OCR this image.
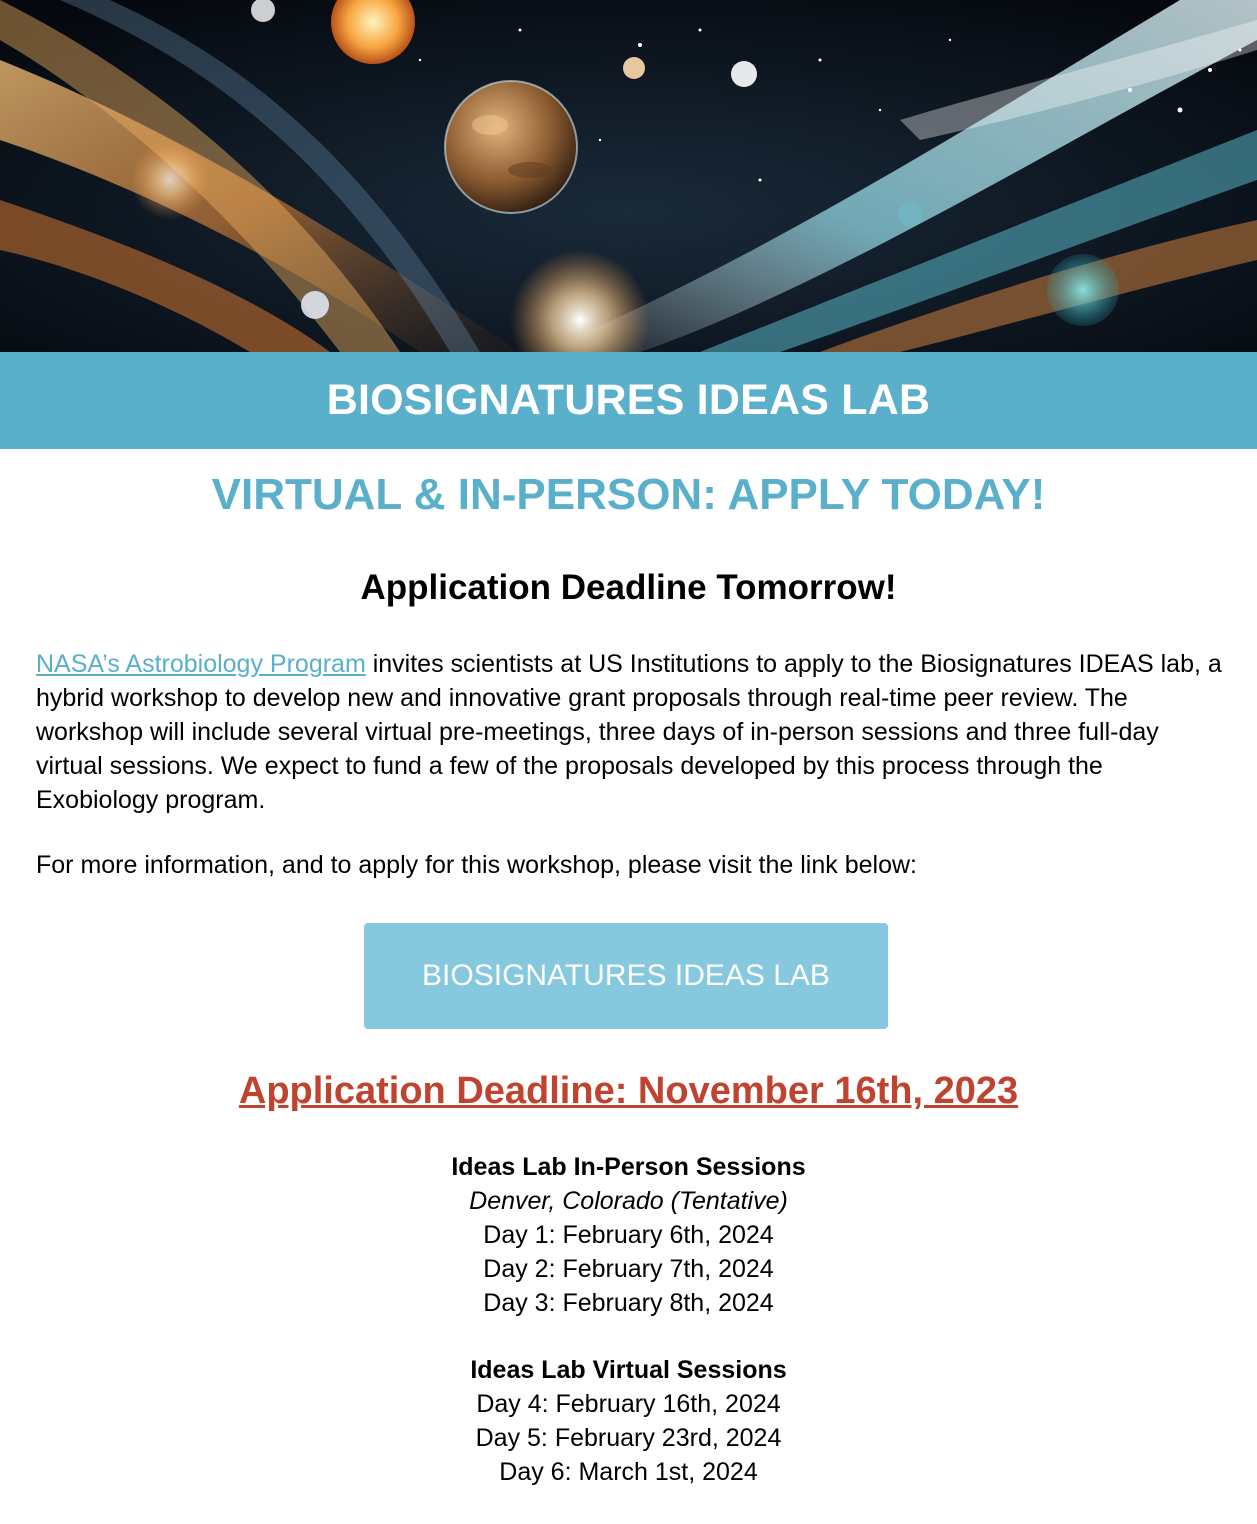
BIOSIGNATURES IDEAS LAB
VIRTUAL & IN-PERSON: APPLY TODAY!
Application Deadline Tomorrow!
NASA’s Astrobiology Program invites scientists at US Institutions to apply to the Biosignatures IDEAS lab, a hybrid workshop to develop new and innovative grant proposals through real-time peer review. The workshop will include several virtual pre-meetings, three days of in-person sessions and three full-day virtual sessions. We expect to fund a few of the proposals developed by this process through the Exobiology program.
For more information, and to apply for this workshop, please visit the link below:
BIOSIGNATURES IDEAS LAB
Application Deadline: November 16th, 2023
Ideas Lab In-Person Sessions
Denver, Colorado (Tentative)
Day 1: February 6th, 2024
Day 2: February 7th, 2024
Day 3: February 8th, 2024
Ideas Lab Virtual Sessions
Day 4: February 16th, 2024
Day 5: February 23rd, 2024
Day 6: March 1st, 2024
